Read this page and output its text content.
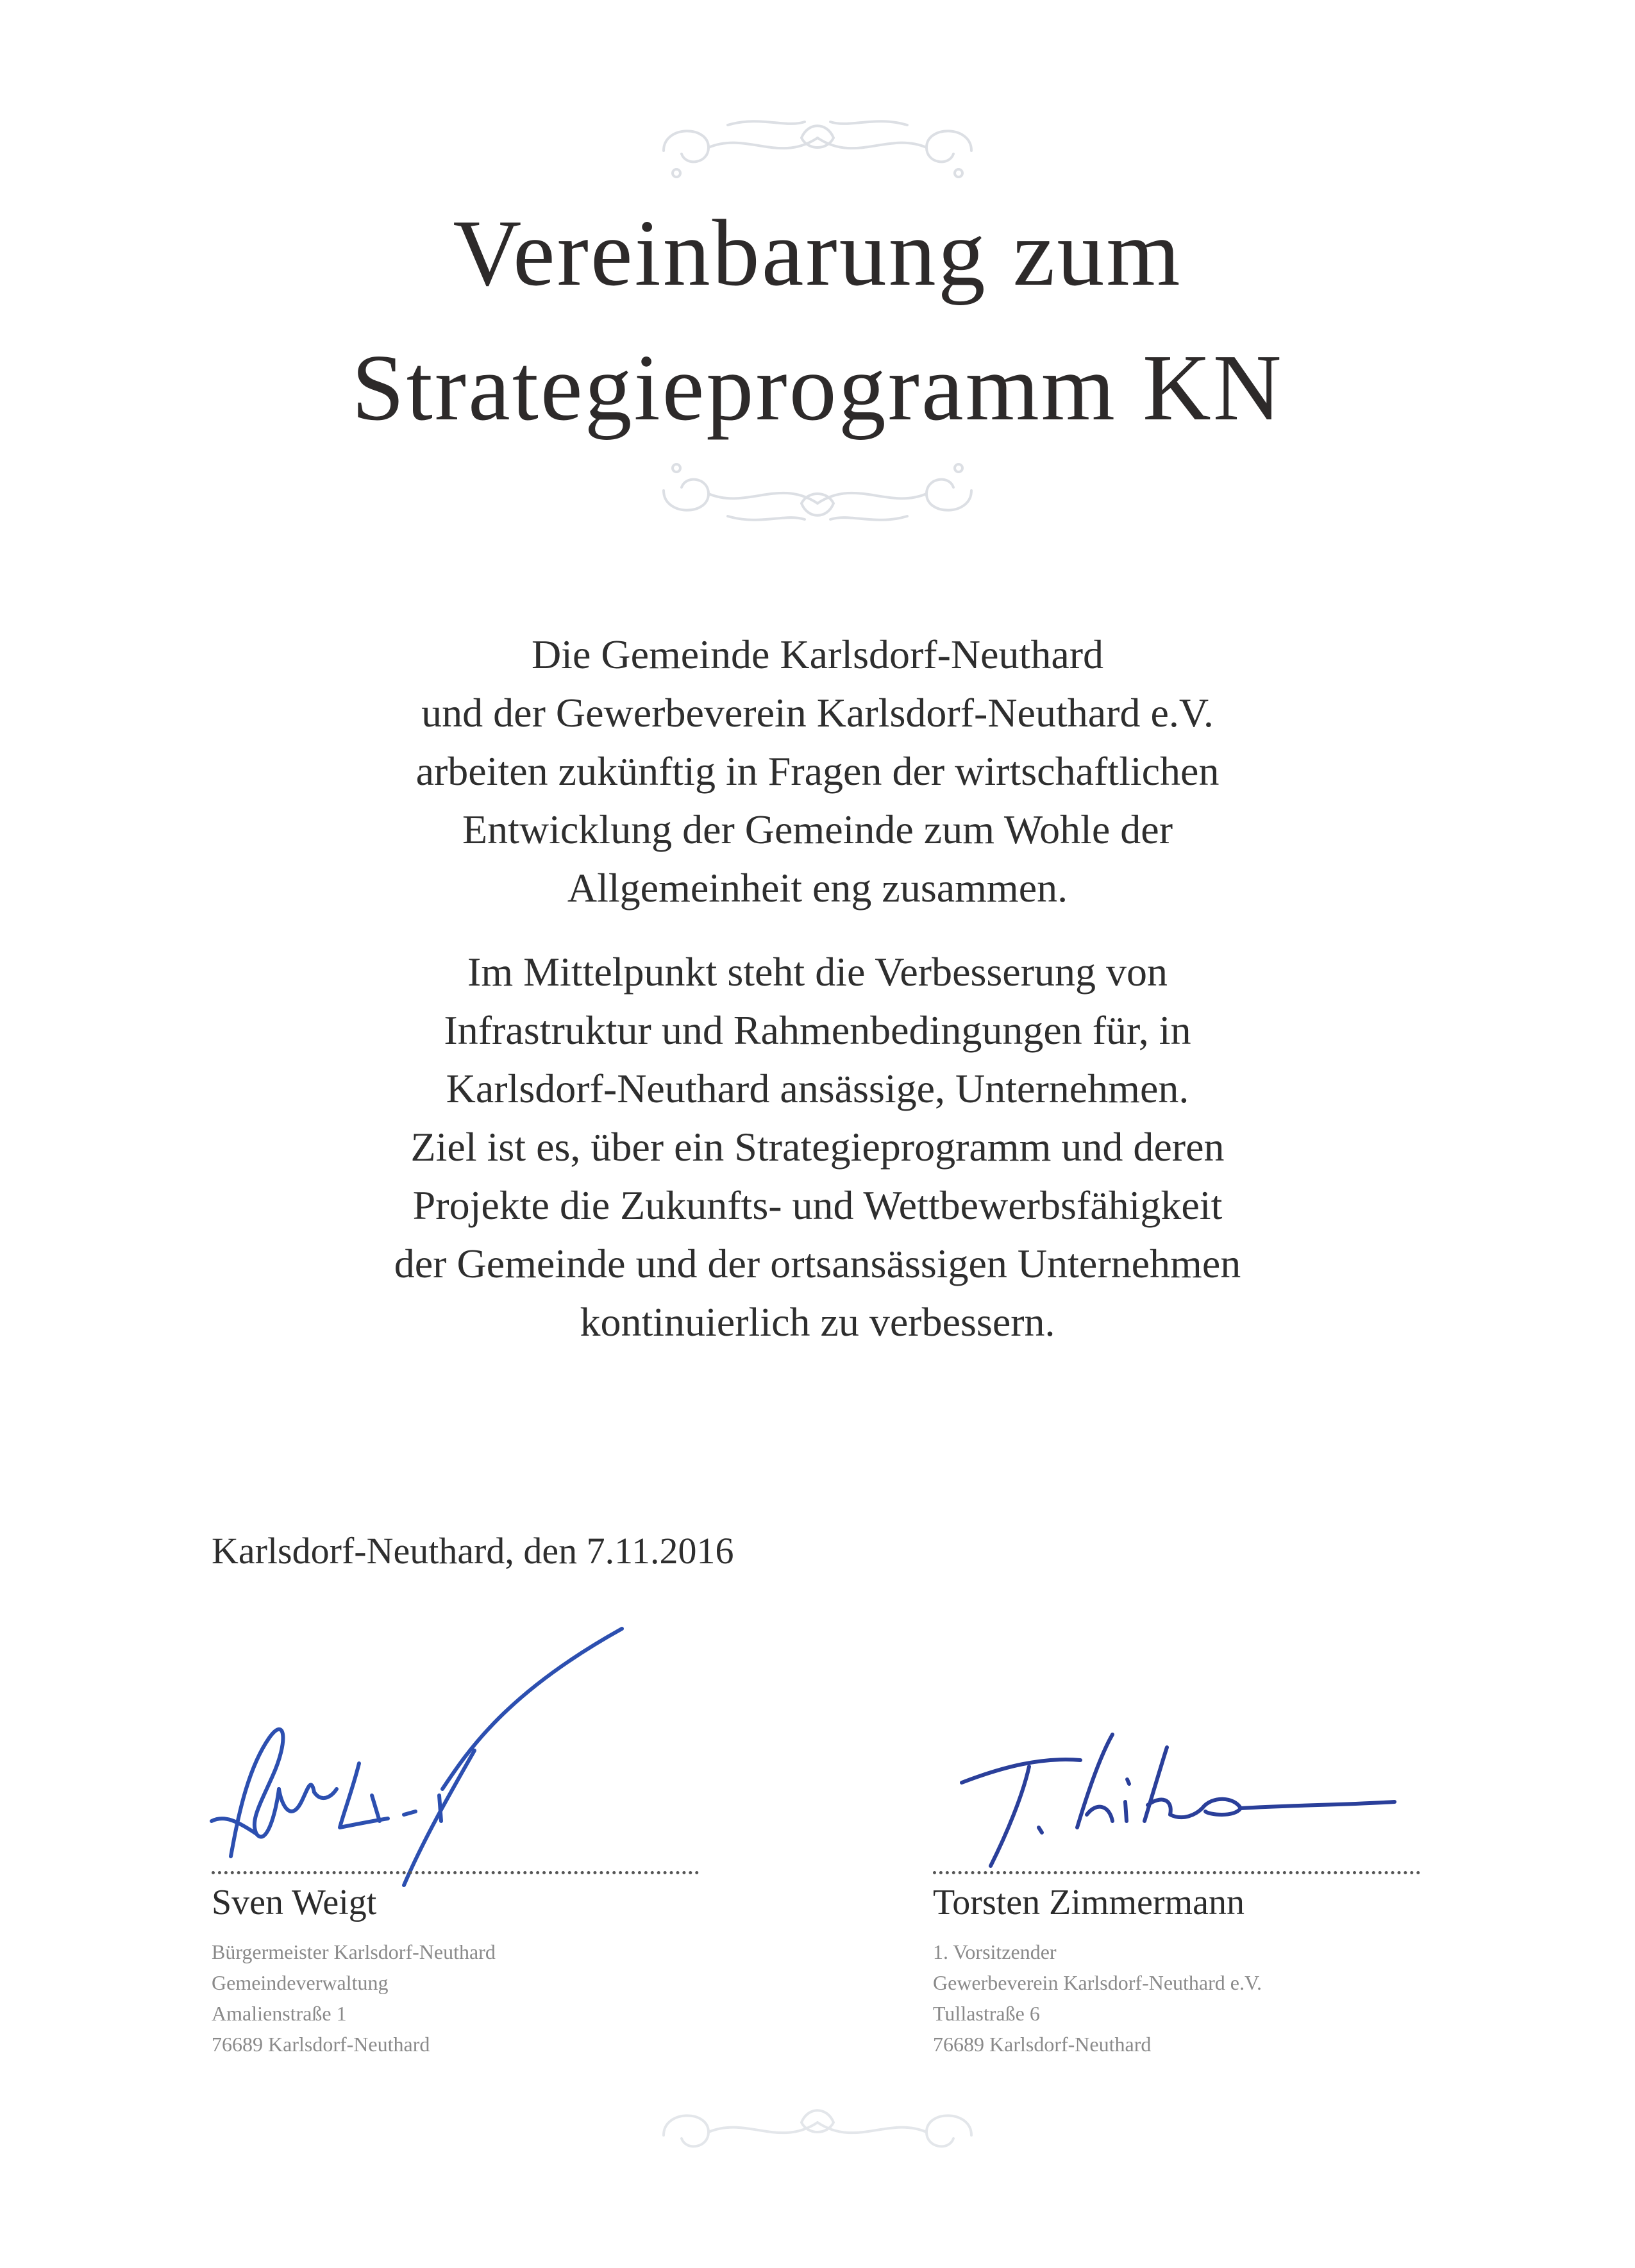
Vereinbarung zum
Strategieprogramm KN
Die Gemeinde Karlsdorf-Neuthard
und der Gewerbeverein Karlsdorf-Neuthard e.V.
arbeiten zukünftig in Fragen der wirtschaftlichen
Entwicklung der Gemeinde zum Wohle der
Allgemeinheit eng zusammen.
Im Mittelpunkt steht die Verbesserung von
Infrastruktur und Rahmenbedingungen für, in
Karlsdorf-Neuthard ansässige, Unternehmen.
Ziel ist es, über ein Strategieprogramm und deren
Projekte die Zukunfts- und Wettbewerbsfähigkeit
der Gemeinde und der ortsansässigen Unternehmen
kontinuierlich zu verbessern.
Karlsdorf-Neuthard, den 7.11.2016
Sven Weigt
Bürgermeister Karlsdorf-Neuthard
Gemeindeverwaltung
Amalienstraße 1
76689 Karlsdorf-Neuthard
Torsten Zimmermann
1. Vorsitzender
Gewerbeverein Karlsdorf-Neuthard e.V.
Tullastraße 6
76689 Karlsdorf-Neuthard
